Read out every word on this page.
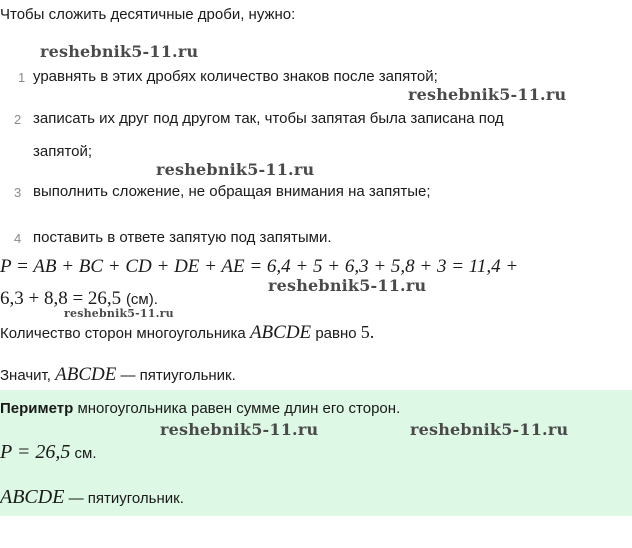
Чтобы сложить десятичные дроби, нужно:
reshebnik5-11.ru
1 уравнять в этих дробях количество знаков после запятой;
reshebnik5-11.ru
2 записать их друг под другом так, чтобы запятая была записана под
запятой;
reshebnik5-11.ru
3 выполнить сложение, не обращая внимания на запятые;
4 поставить в ответе запятую под запятыми.
P = AB + BC + CD + DE + AE = 6,4 + 5 + 6,3 + 5,8 + 3 = 11,4 +
reshebnik5-11.ru
6,3 + 8,8 = 26,5 (см).
reshebnik5-11.ru
Количество сторон многоугольника ABCDE равно 5.
Значит, ABCDE — пятиугольник.
Периметр многоугольника равен сумме длин его сторон.
reshebnik5-11.ru	reshebnik5-11.ru
P = 26,5 см.
ABCDE — пятиугольник.
